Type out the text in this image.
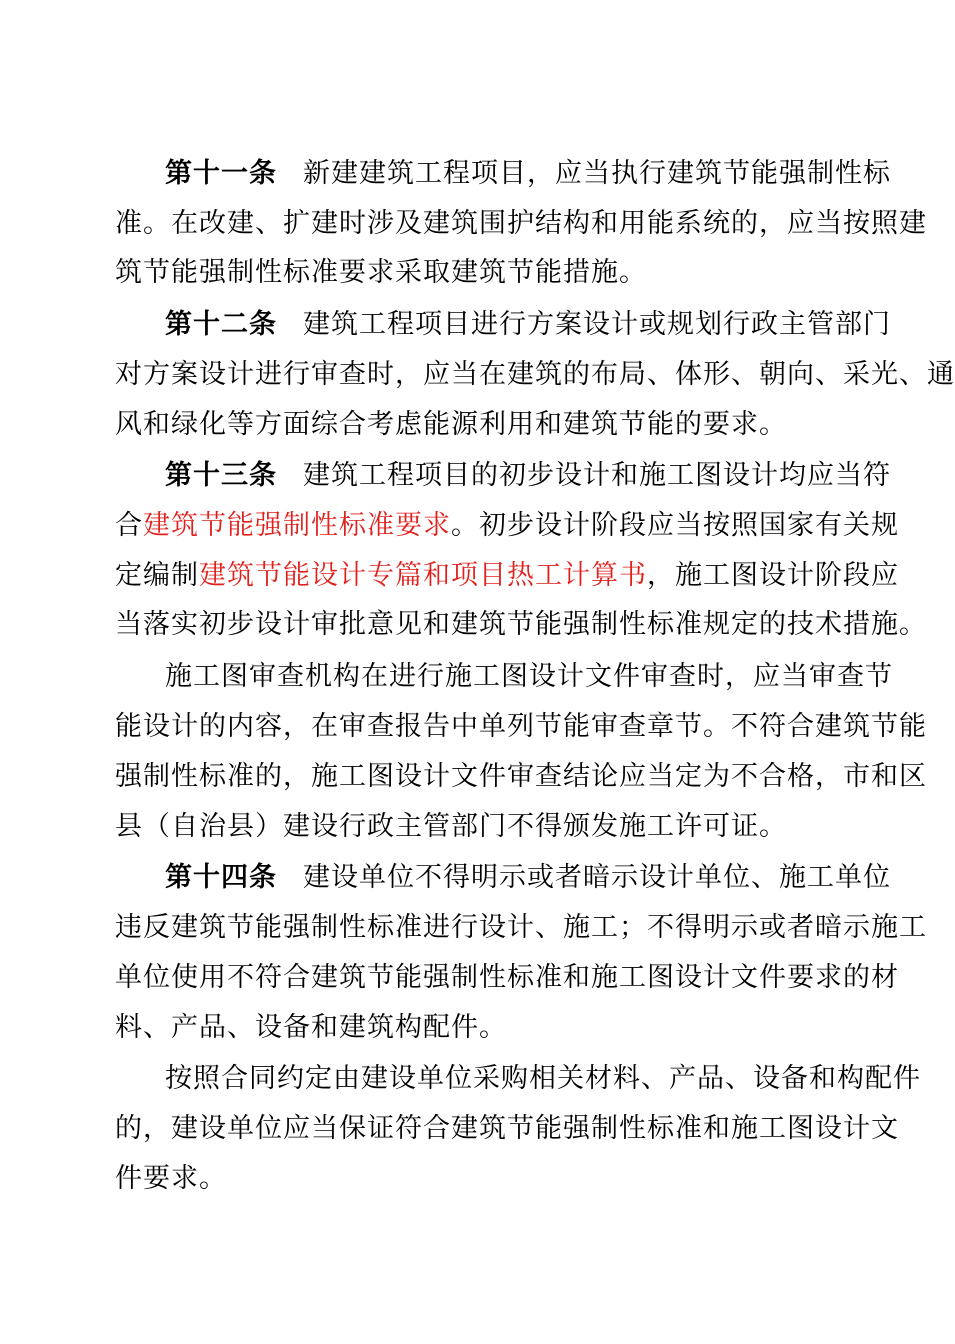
第十一条 新建建筑工程项目，应当执行建筑节能强制性标
准。在改建、扩建时涉及建筑围护结构和用能系统的，应当按照建
筑节能强制性标准要求采取建筑节能措施。
第十二条 建筑工程项目进行方案设计或规划行政主管部门
对方案设计进行审查时，应当在建筑的布局、体形、朝向、采光、通
风和绿化等方面综合考虑能源利用和建筑节能的要求。
第十三条 建筑工程项目的初步设计和施工图设计均应当符
合建筑节能强制性标准要求。初步设计阶段应当按照国家有关规
定编制建筑节能设计专篇和项目热工计算书，施工图设计阶段应
当落实初步设计审批意见和建筑节能强制性标准规定的技术措施。
施工图审查机构在进行施工图设计文件审查时，应当审查节
能设计的内容，在审查报告中单列节能审查章节。不符合建筑节能
强制性标准的，施工图设计文件审查结论应当定为不合格，市和区
县（自治县）建设行政主管部门不得颁发施工许可证。
第十四条 建设单位不得明示或者暗示设计单位、施工单位
违反建筑节能强制性标准进行设计、施工；不得明示或者暗示施工
单位使用不符合建筑节能强制性标准和施工图设计文件要求的材
料、产品、设备和建筑构配件。
按照合同约定由建设单位采购相关材料、产品、设备和构配件
的，建设单位应当保证符合建筑节能强制性标准和施工图设计文
件要求。
